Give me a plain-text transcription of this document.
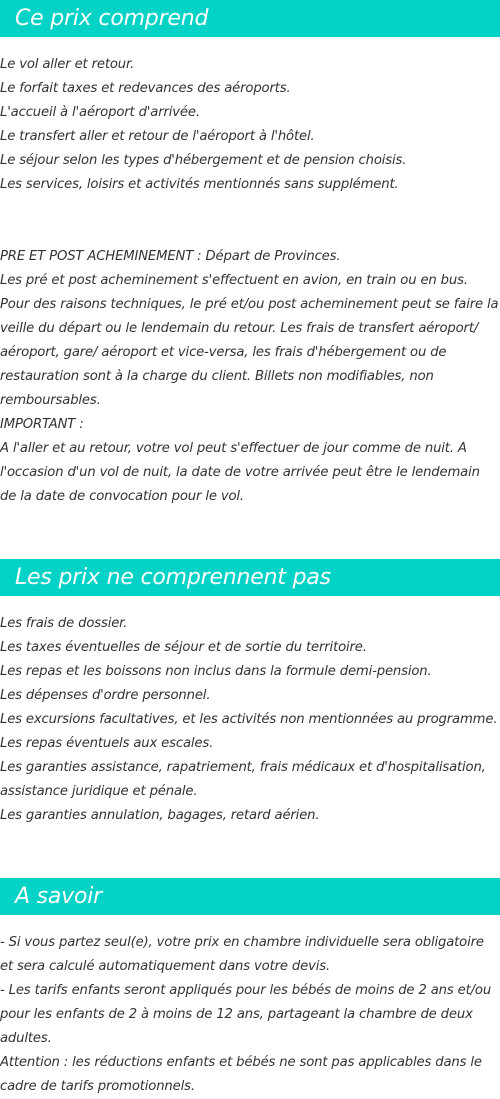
Ce prix comprend
Le vol aller et retour.
Le forfait taxes et redevances des aéroports.
L'accueil à l'aéroport d'arrivée.
Le transfert aller et retour de l'aéroport à l'hôtel.
Le séjour selon les types d'hébergement et de pension choisis.
Les services, loisirs et activités mentionnés sans supplément.
PRE ET POST ACHEMINEMENT : Départ de Provinces.
Les pré et post acheminement s'effectuent en avion, en train ou en bus. Pour des raisons techniques, le pré et/ou post acheminement peut se faire la veille du départ ou le lendemain du retour. Les frais de transfert aéroport/ aéroport, gare/ aéroport et vice-versa, les frais d'hébergement ou de restauration sont à la charge du client. Billets non modifiables, non remboursables.
IMPORTANT :
A l'aller et au retour, votre vol peut s'effectuer de jour comme de nuit. A l'occasion d'un vol de nuit, la date de votre arrivée peut être le lendemain de la date de convocation pour le vol.
Les prix ne comprennent pas
Les frais de dossier.
Les taxes éventuelles de séjour et de sortie du territoire.
Les repas et les boissons non inclus dans la formule demi-pension.
Les dépenses d'ordre personnel.
Les excursions facultatives, et les activités non mentionnées au programme.
Les repas éventuels aux escales.
Les garanties assistance, rapatriement, frais médicaux et d'hospitalisation, assistance juridique et pénale.
Les garanties annulation, bagages, retard aérien.
A savoir
- Si vous partez seul(e), votre prix en chambre individuelle sera obligatoire et sera calculé automatiquement dans votre devis.
- Les tarifs enfants seront appliqués pour les bébés de moins de 2 ans et/ou pour les enfants de 2 à moins de 12 ans, partageant la chambre de deux adultes.
Attention : les réductions enfants et bébés ne sont pas applicables dans le cadre de tarifs promotionnels.
